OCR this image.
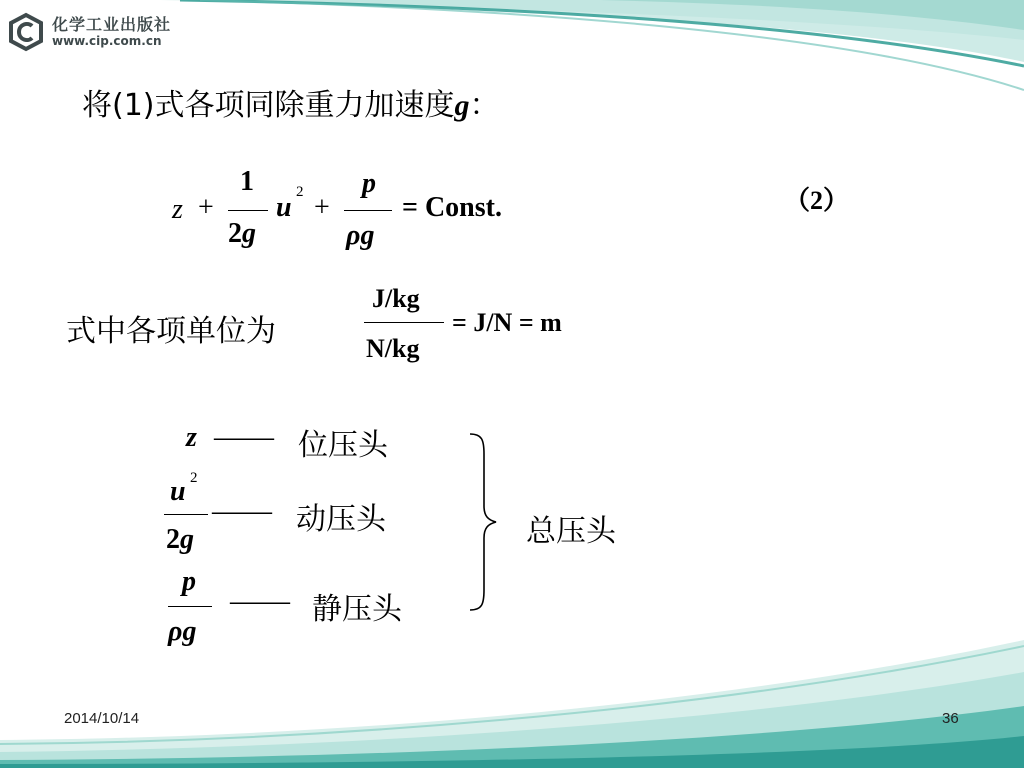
化学工业出版社
www.cip.com.cn
将(1)式各项同除重力加速度g：
z +
1
2g
u 2 +
p
ρg
= Const.	（2）
式中各项单位为
J/kg
N/kg
= J/N = m
z —— 位压头
u 2
2g
—— 动压头
p
ρg
—— 静压头
总压头
2014/10/14	36
